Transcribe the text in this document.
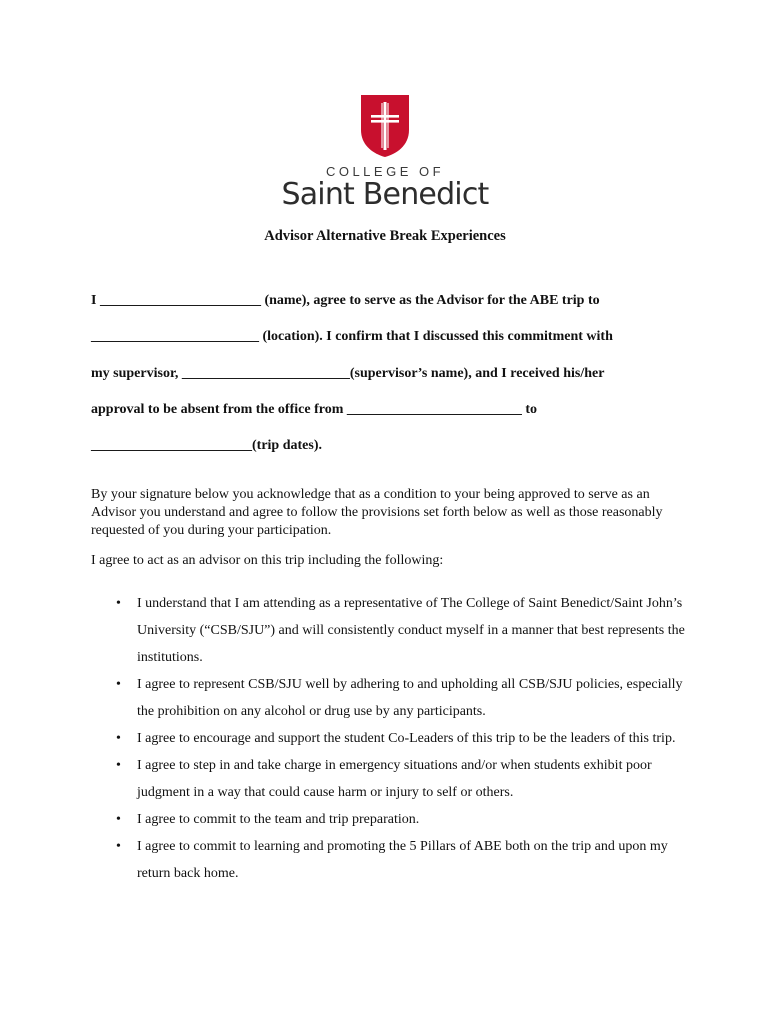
COLLEGE OF
Saint Benedict
Advisor Alternative Break Experiences
I _______________________ (name), agree to serve as the Advisor for the ABE trip to
________________________ (location). I confirm that I discussed this commitment with
my supervisor, ________________________(supervisor’s name), and I received his/her
approval to be absent from the office from _________________________ to
_______________________(trip dates).
By your signature below you acknowledge that as a condition to your being approved to serve as an Advisor you understand and agree to follow the provisions set forth below as well as those reasonably requested of you during your participation.
I agree to act as an advisor on this trip including the following:
• I understand that I am attending as a representative of The College of Saint Benedict/Saint John’s University (“CSB/SJU”) and will consistently conduct myself in a manner that best represents the institutions.
• I agree to represent CSB/SJU well by adhering to and upholding all CSB/SJU policies, especially the prohibition on any alcohol or drug use by any participants.
• I agree to encourage and support the student Co-Leaders of this trip to be the leaders of this trip.
• I agree to step in and take charge in emergency situations and/or when students exhibit poor judgment in a way that could cause harm or injury to self or others.
• I agree to commit to the team and trip preparation.
• I agree to commit to learning and promoting the 5 Pillars of ABE both on the trip and upon my return back home.
